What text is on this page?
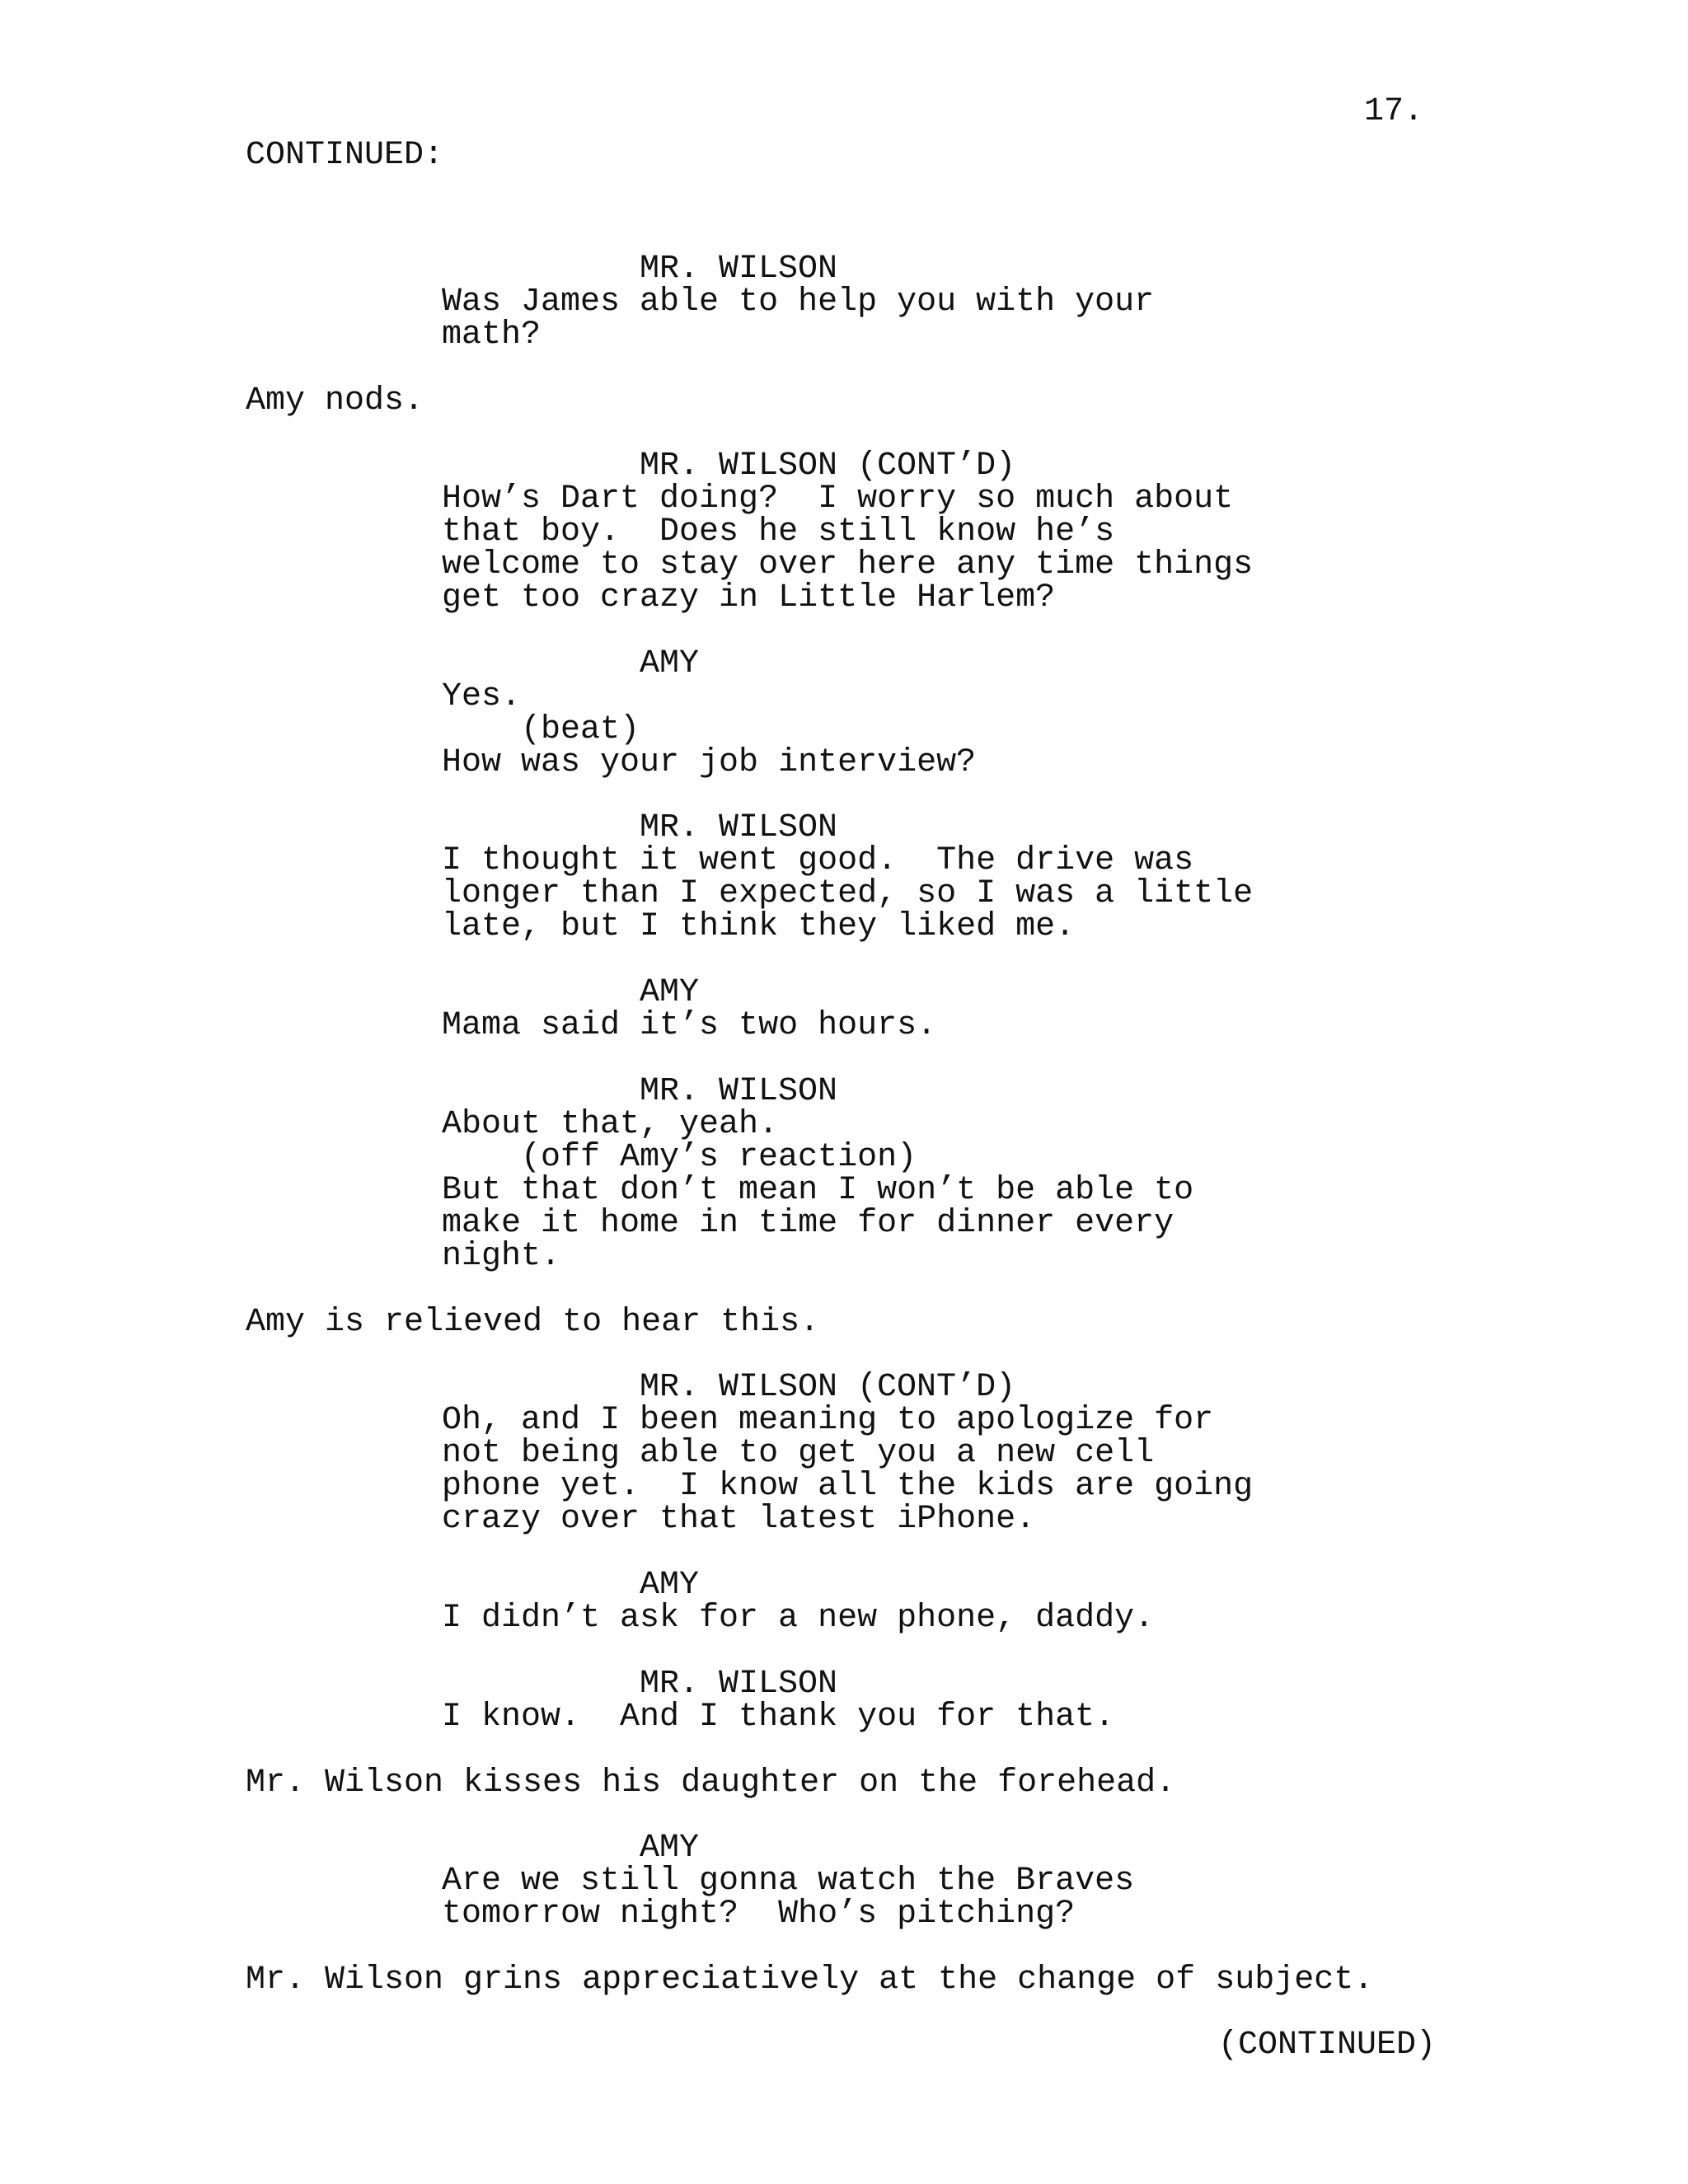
17.
CONTINUED:
MR. WILSON
Was James able to help you with your
math?
Amy nods.
MR. WILSON (CONT’D)
How’s Dart doing?  I worry so much about
that boy.  Does he still know he’s
welcome to stay over here any time things
get too crazy in Little Harlem?
AMY
Yes.
(beat)
How was your job interview?
MR. WILSON
I thought it went good.  The drive was
longer than I expected, so I was a little
late, but I think they liked me.
AMY
Mama said it’s two hours.
MR. WILSON
About that, yeah.
(off Amy’s reaction)
But that don’t mean I won’t be able to
make it home in time for dinner every
night.
Amy is relieved to hear this.
MR. WILSON (CONT’D)
Oh, and I been meaning to apologize for
not being able to get you a new cell
phone yet.  I know all the kids are going
crazy over that latest iPhone.
AMY
I didn’t ask for a new phone, daddy.
MR. WILSON
I know.  And I thank you for that.
Mr. Wilson kisses his daughter on the forehead.
AMY
Are we still gonna watch the Braves
tomorrow night?  Who’s pitching?
Mr. Wilson grins appreciatively at the change of subject.
(CONTINUED)
